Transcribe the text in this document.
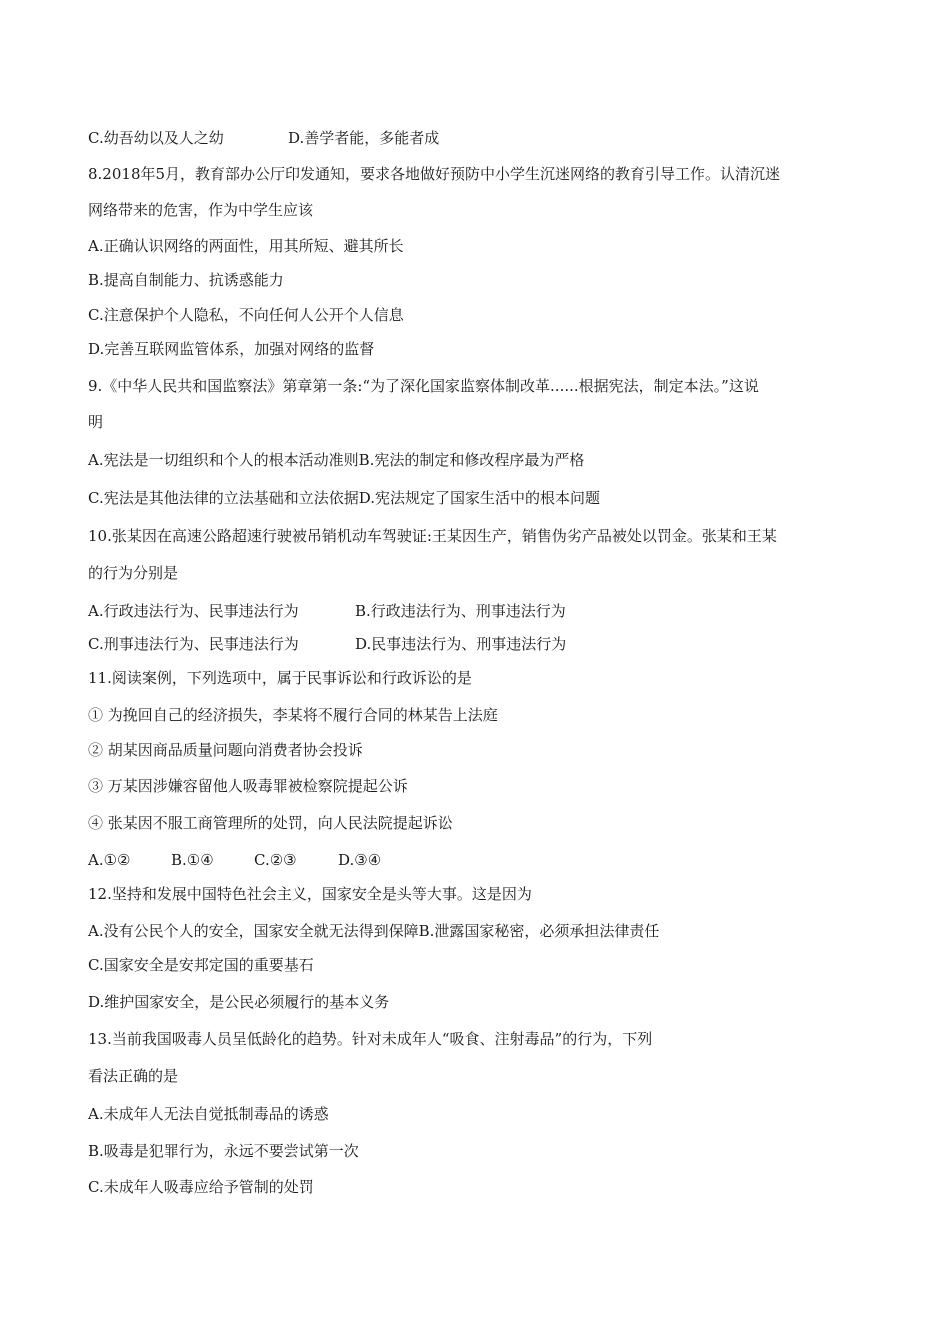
C.幼吾幼以及人之幼	D.善学者能，多能者成

8.2018年5月，教育部办公厅印发通知，要求各地做好预防中小学生沉迷网络的教育引导工作。认清沉迷

网络带来的危害，作为中学生应该

A.正确认识网络的两面性，用其所短、避其所长

B.提高自制能力、抗诱惑能力

C.注意保护个人隐私，不向任何人公开个人信息

D.完善互联网监管体系，加强对网络的监督

9.《中华人民共和国监察法》第章第一条:“为了深化国家监察体制改革......根据宪法，制定本法。”这说

明

A.宪法是一切组织和个人的根本活动准则B.宪法的制定和修改程序最为严格

C.宪法是其他法律的立法基础和立法依据D.宪法规定了国家生活中的根本问题

10.张某因在高速公路超速行驶被吊销机动车驾驶证:王某因生产，销售伪劣产品被处以罚金。张某和王某

的行为分别是

A.行政违法行为、民事违法行为	B.行政违法行为、刑事违法行为
C.刑事违法行为、民事违法行为	D.民事违法行为、刑事违法行为

11.阅读案例，下列选项中，属于民事诉讼和行政诉讼的是

① 为挽回自己的经济损失，李某将不履行合同的林某告上法庭

② 胡某因商品质量问题向消费者协会投诉

③ 万某因涉嫌容留他人吸毒罪被检察院提起公诉

④ 张某因不服工商管理所的处罚，向人民法院提起诉讼

A.①②	B.①④	C.②③	D.③④

12.坚持和发展中国特色社会主义，国家安全是头等大事。这是因为

A.没有公民个人的安全，国家安全就无法得到保障B.泄露国家秘密，必须承担法律责任

C.国家安全是安邦定国的重要基石

D.维护国家安全，是公民必须履行的基本义务

13.当前我国吸毒人员呈低龄化的趋势。针对未成年人“吸食、注射毒品”的行为，下列

看法正确的是

A.未成年人无法自觉抵制毒品的诱惑

B.吸毒是犯罪行为，永远不要尝试第一次

C.未成年人吸毒应给予管制的处罚
